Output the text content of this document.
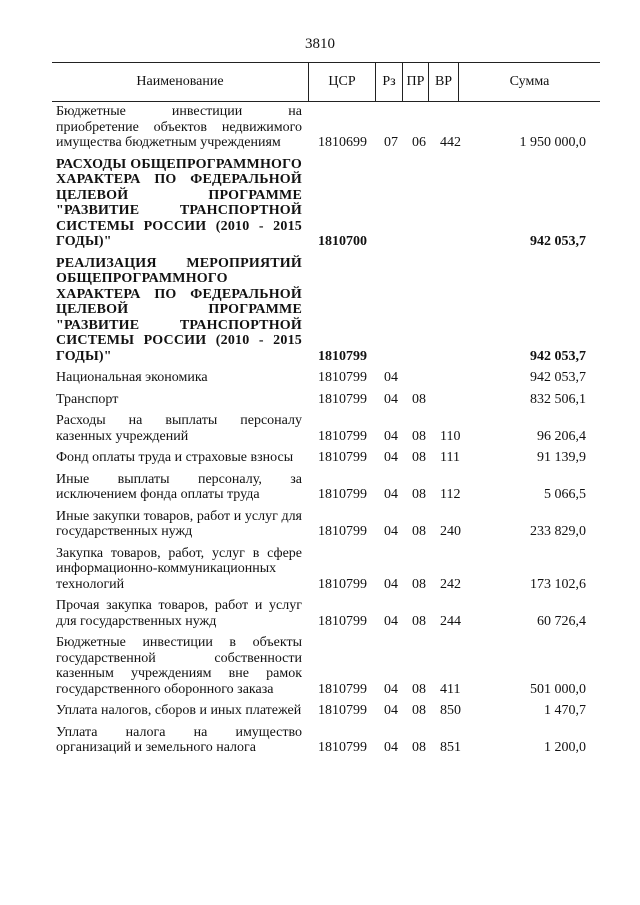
3810
Наименование	ЦСР	Рз ПР ВР	Сумма
Бюджетные инвестиции на приобретение объектов недвижимого имущества бюджетным учреждениям	1810699 07 06 442	1 950 000,0
РАСХОДЫ ОБЩЕПРОГРАММНОГО ХАРАКТЕРА ПО ФЕДЕРАЛЬНОЙ ЦЕЛЕВОЙ ПРОГРАММЕ "РАЗВИТИЕ ТРАНСПОРТНОЙ СИСТЕМЫ РОССИИ (2010 - 2015 ГОДЫ)"	1810700	942 053,7
РЕАЛИЗАЦИЯ МЕРОПРИЯТИЙ ОБЩЕПРОГРАММНОГО ХАРАКТЕРА ПО ФЕДЕРАЛЬНОЙ ЦЕЛЕВОЙ ПРОГРАММЕ "РАЗВИТИЕ ТРАНСПОРТНОЙ СИСТЕМЫ РОССИИ (2010 - 2015 ГОДЫ)"	1810799	942 053,7
Национальная экономика	1810799 04	942 053,7
Транспорт	1810799 04 08	832 506,1
Расходы на выплаты персоналу казенных учреждений	1810799 04 08 110	96 206,4
Фонд оплаты труда и страховые взносы	1810799 04 08 111	91 139,9
Иные выплаты персоналу, за исключением фонда оплаты труда	1810799 04 08 112	5 066,5
Иные закупки товаров, работ и услуг для государственных нужд	1810799 04 08 240	233 829,0
Закупка товаров, работ, услуг в сфере информационно-коммуникационных технологий	1810799 04 08 242	173 102,6
Прочая закупка товаров, работ и услуг для государственных нужд	1810799 04 08 244	60 726,4
Бюджетные инвестиции в объекты государственной собственности казенным учреждениям вне рамок государственного оборонного заказа	1810799 04 08 411	501 000,0
Уплата налогов, сборов и иных платежей 1810799 04 08 850	1 470,7
Уплата налога на имущество организаций и земельного налога	1810799 04 08 851	1 200,0
